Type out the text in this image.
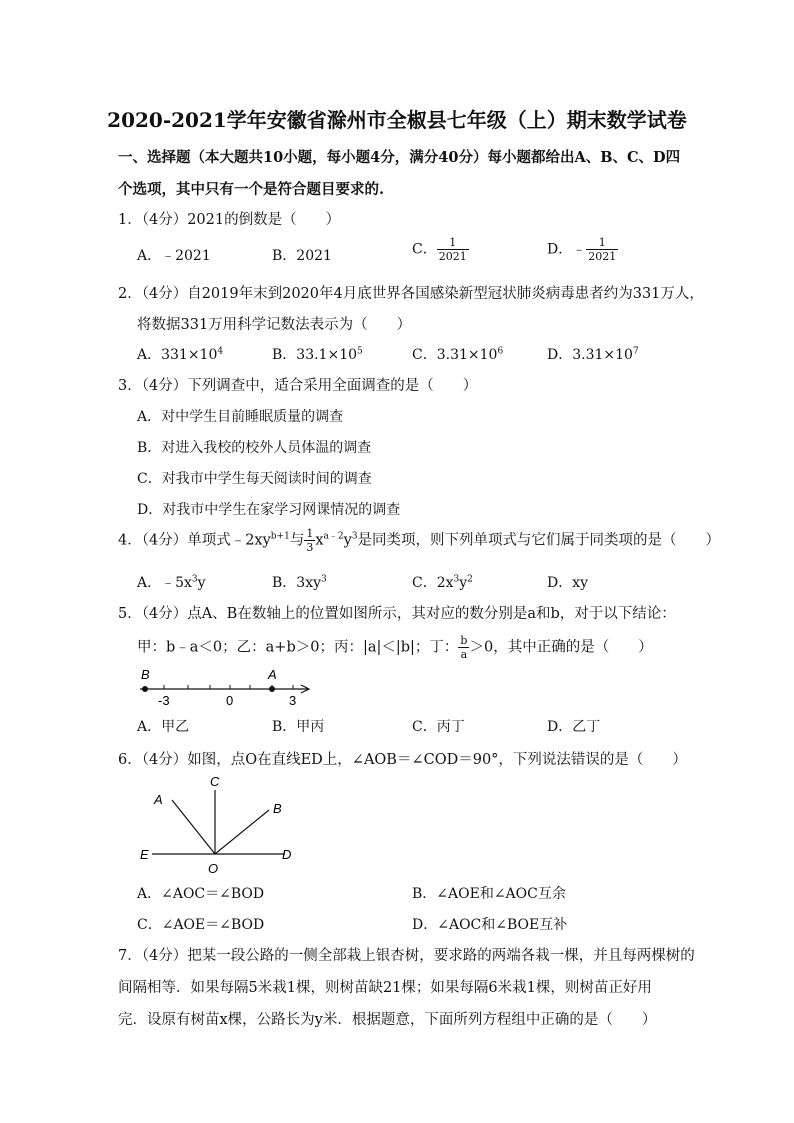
2020-2021学年安徽省滁州市全椒县七年级（上）期末数学试卷
一、选择题（本大题共10小题，每小题4分，满分40分）每小题都给出A、B、C、D四
个选项，其中只有一个是符合题目要求的.
1．（4分）2021的倒数是（　　）
A．﹣2021	B．2021	C． $\frac{1}{2021}$	D．﹣ $\frac{1}{2021}$
2．（4分）自2019年末到2020年4月底世界各国感染新型冠状肺炎病毒患者约为331万人，
将数据331万用科学记数法表示为（　　）
A．$331\times 10^4$	B．$33.1\times 10^5$	C．$3.31\times 10^6$	D．$3.31\times 10^7$
3．（4分）下列调查中，适合采用全面调查的是（　　）
A．对中学生目前睡眠质量的调查
B．对进入我校的校外人员体温的调查
C．对我市中学生每天阅读时间的调查
D．对我市中学生在家学习网课情况的调查
4．（4分）单项式$﹣2xy^{b+1}$与 $\frac{1}{3} x^{a﹣2}y^3$是同类项，则下列单项式与它们属于同类项的是（　　）
A．$﹣5x^3y$	B．$3xy^3$	C．$2x^3y^2$	D．xy
5．（4分）点A、B在数轴上的位置如图所示，其对应的数分别是a和b，对于以下结论：
甲：b﹣a＜0；乙：a+b＞0；丙：|a|＜|b|；丁： $\frac{b}{a} >0$，其中正确的是（　　）
B	A
-3	0	3
A．甲乙	B．甲丙	C．丙丁	D．乙丁
6．（4分）如图，点O在直线ED上，∠AOB＝∠COD＝90°，下列说法错误的是（　　）
A
C
B
E	D
O
A．∠AOC＝∠BOD	B．∠AOE和∠AOC互余
C．∠AOE＝∠BOD	D．∠AOC和∠BOE互补
7．（4分）把某一段公路的一侧全部栽上银杏树，要求路的两端各栽一棵，并且每两棵树的
间隔相等．如果每隔5米栽1棵，则树苗缺21棵；如果每隔6米栽1棵，则树苗正好用
完．设原有树苗x棵，公路长为y米．根据题意，下面所列方程组中正确的是（　　）
